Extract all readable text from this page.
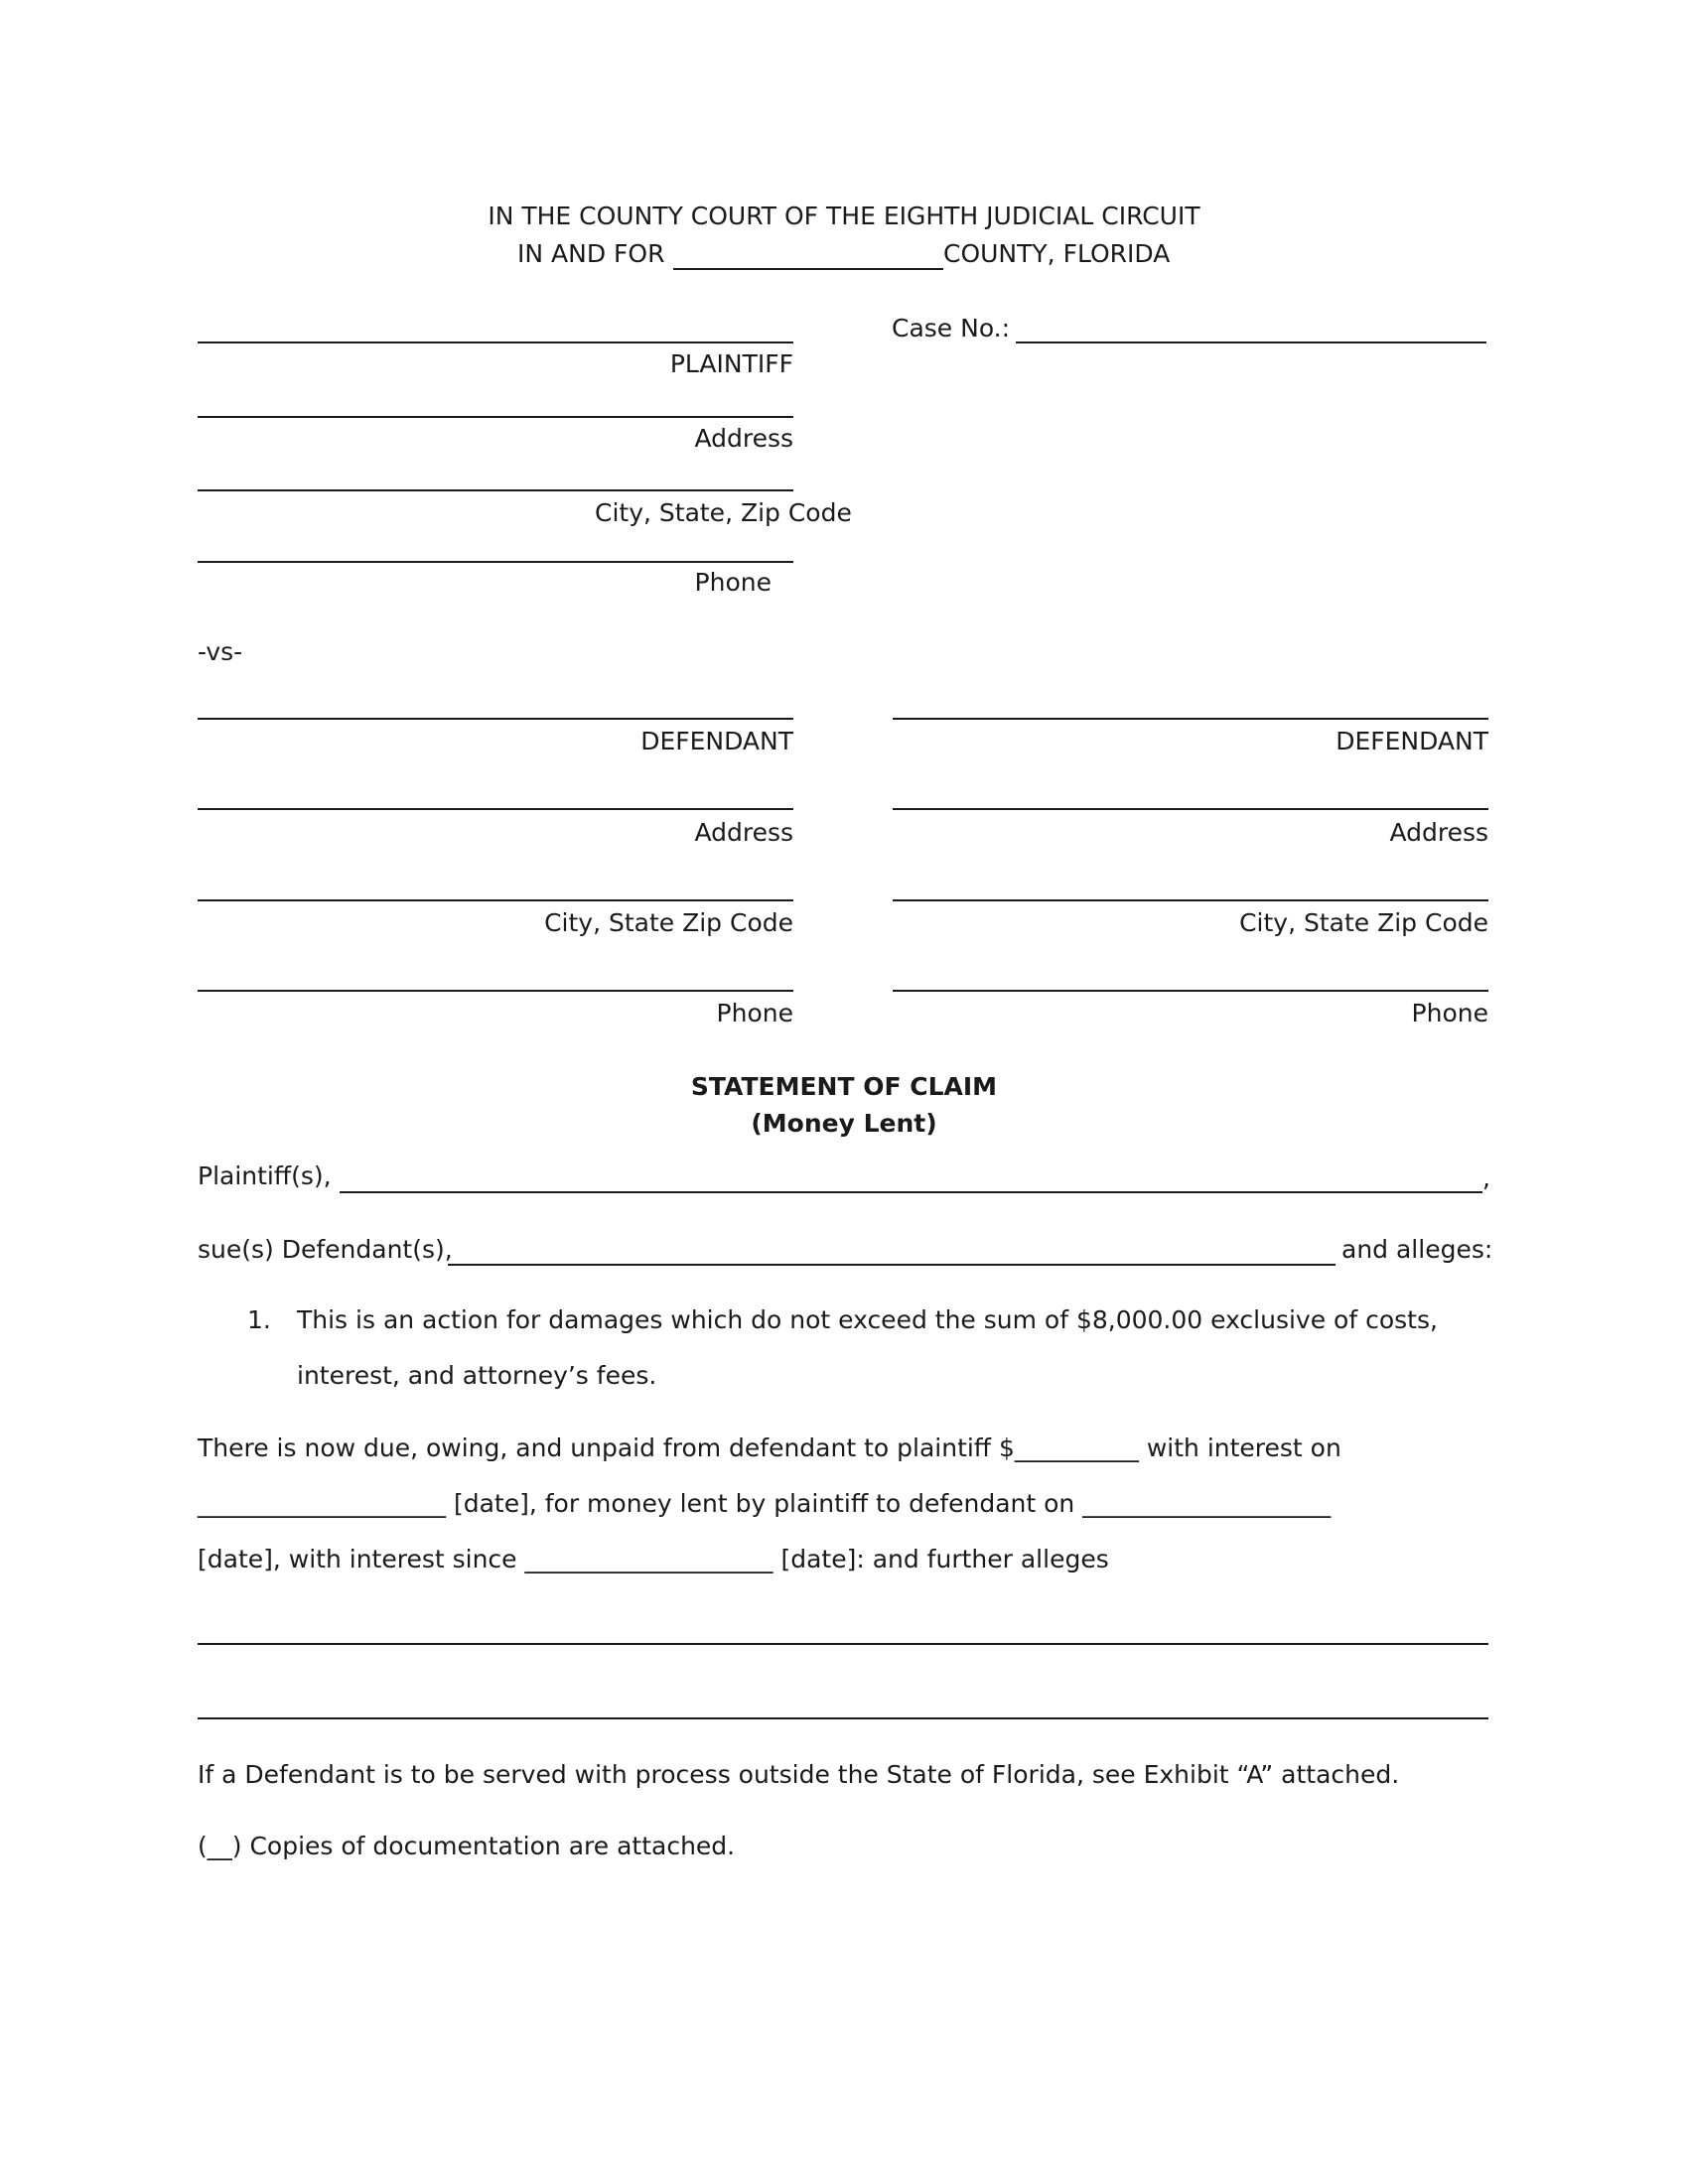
IN THE COUNTY COURT OF THE EIGHTH JUDICIAL CIRCUIT
IN AND FOR	COUNTY, FLORIDA
Case No.:
PLAINTIFF
Address
City, State, Zip Code
Phone
-vs-
DEFENDANT
Address
City, State Zip Code
Phone
DEFENDANT
Address
City, State Zip Code
Phone
STATEMENT OF CLAIM
(Money Lent)
Plaintiff(s),	,
sue(s) Defendant(s),	and alleges:
1. This is an action for damages which do not exceed the sum of $8,000.00 exclusive of costs,
interest, and attorney’s fees.
There is now due, owing, and unpaid from defendant to plaintiff $__________ with interest on
____________________ [date], for money lent by plaintiff to defendant on ____________________
[date], with interest since ____________________ [date]: and further alleges
If a Defendant is to be served with process outside the State of Florida, see Exhibit “A” attached.
(__) Copies of documentation are attached.
